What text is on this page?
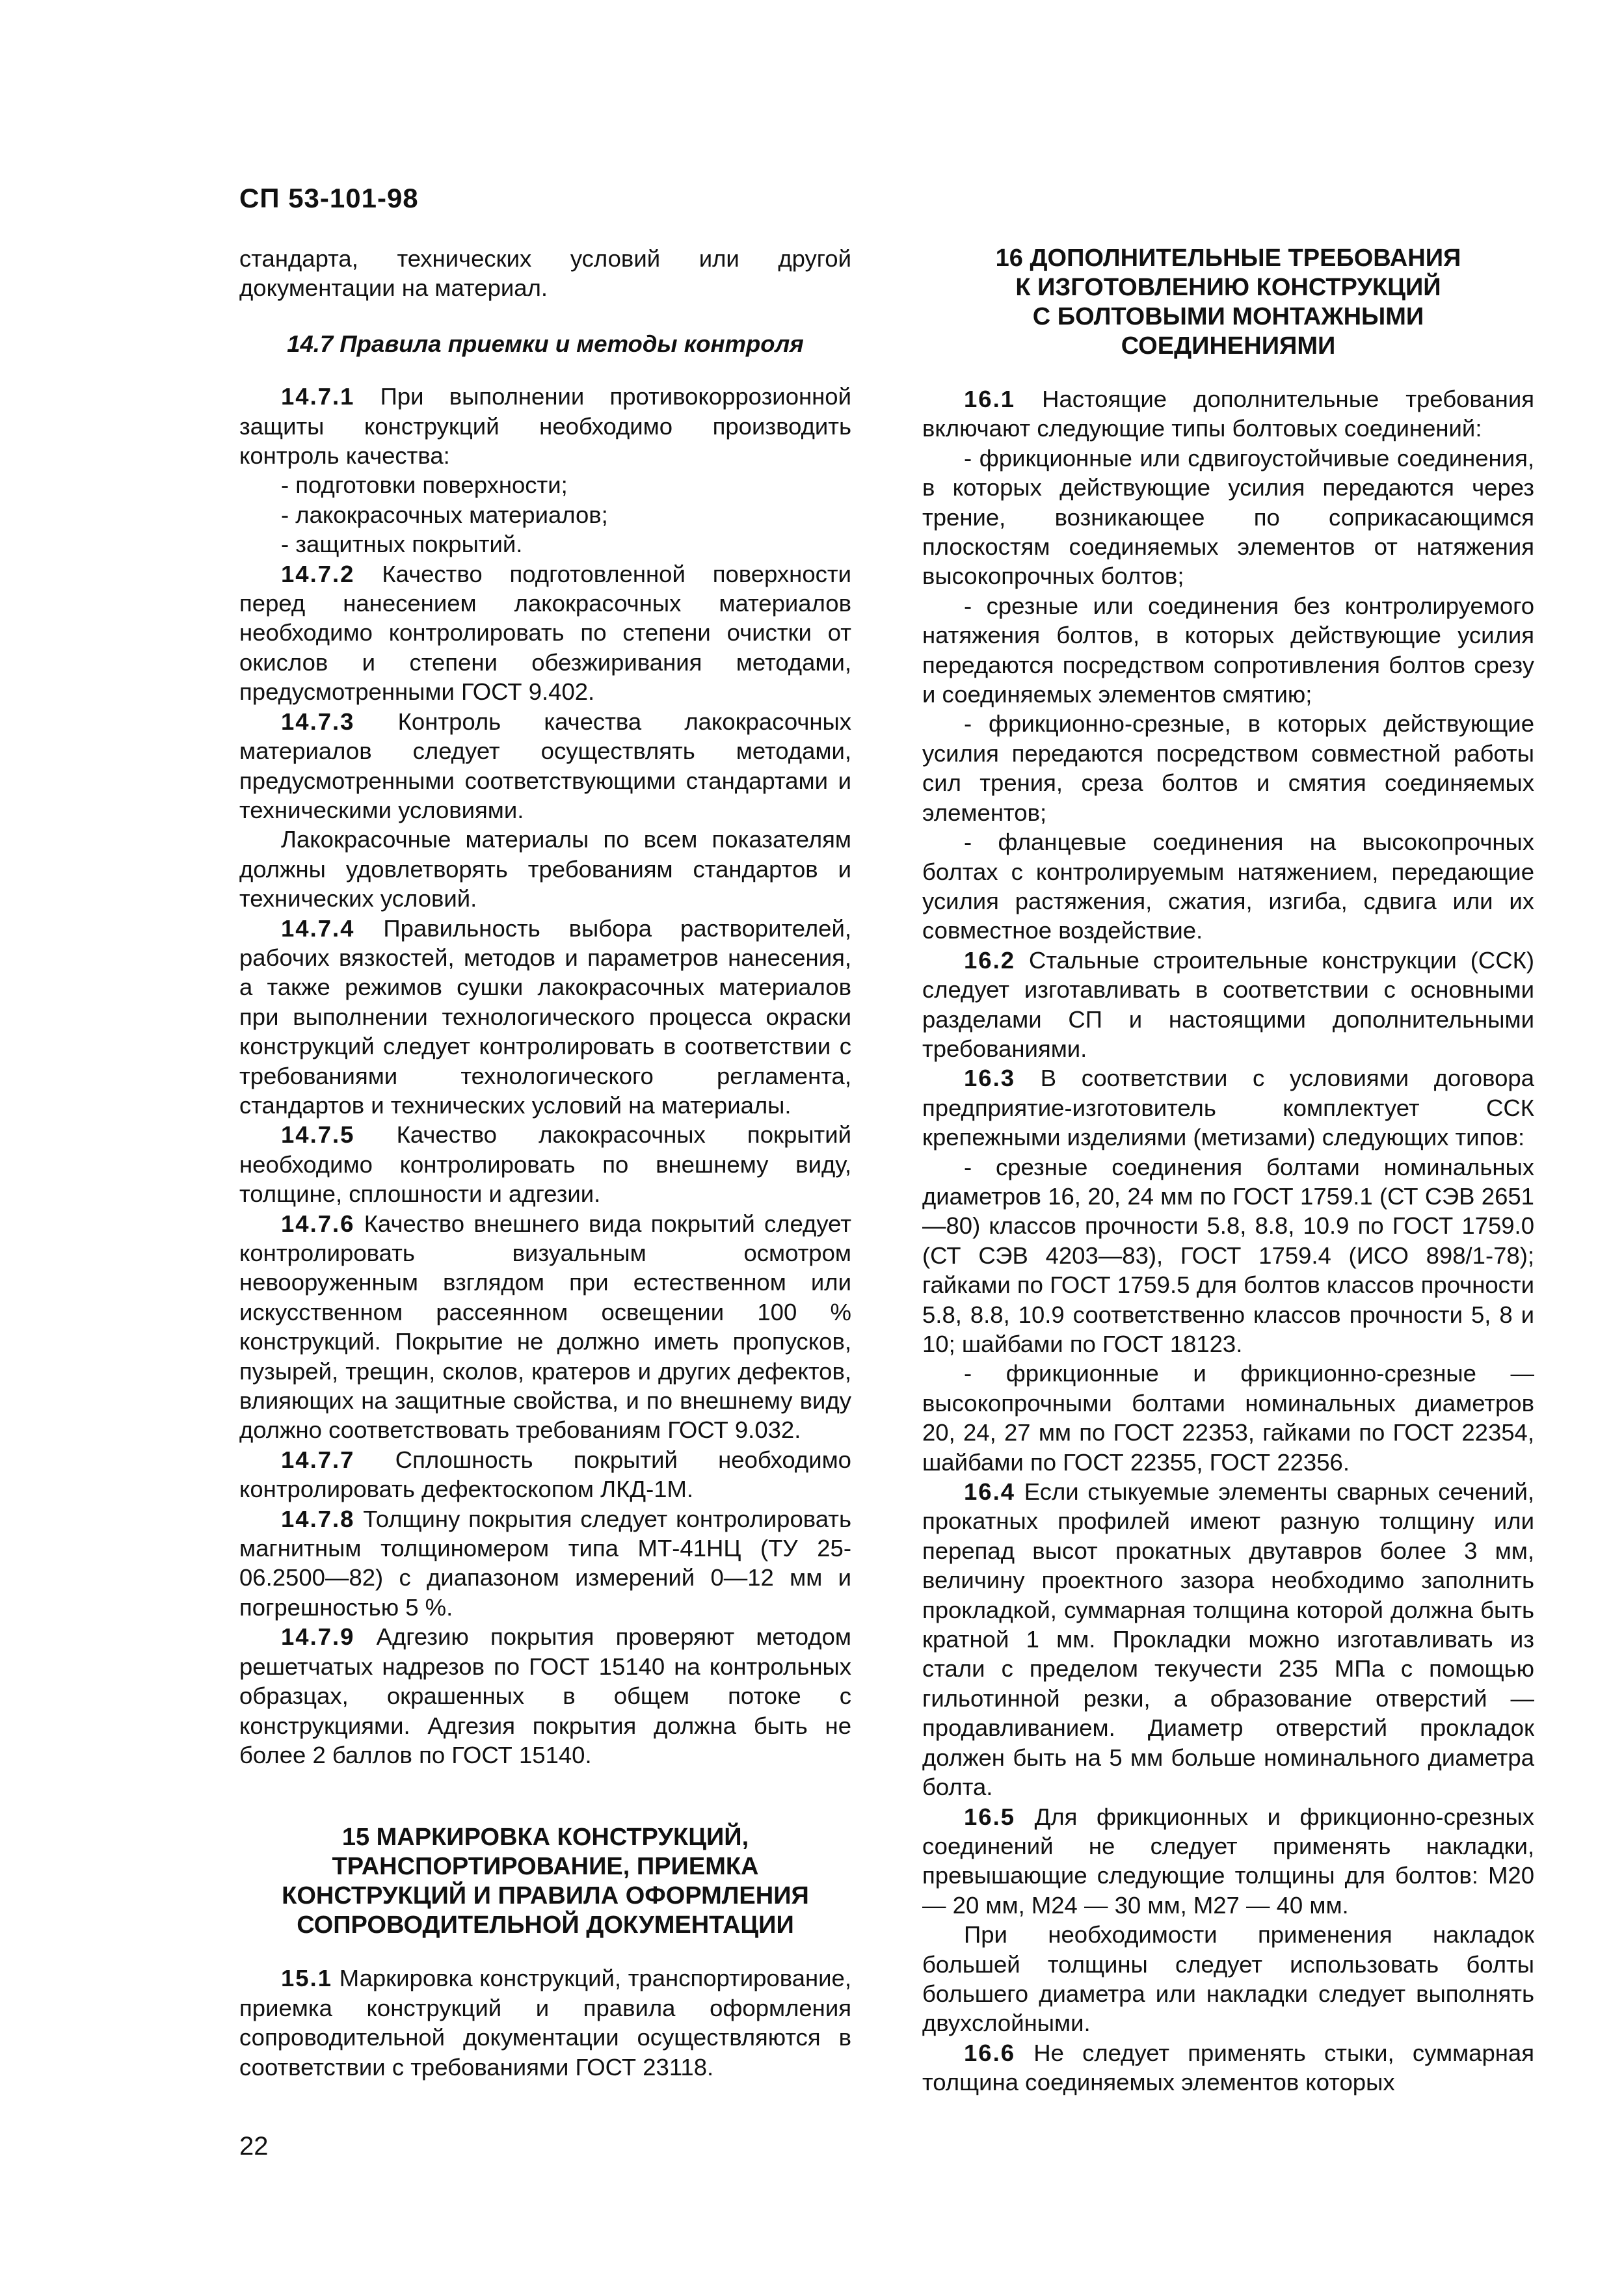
СП 53-101-98

стандарта, технических условий или другой документации на материал.

14.7 Правила приемки и методы контроля

14.7.1 При выполнении противокоррозионной защиты конструкций необходимо производить контроль качества:

- подготовки поверхности;

- лакокрасочных материалов;

- защитных покрытий.

14.7.2 Качество подготовленной поверхности перед нанесением лакокрасочных материалов необходимо контролировать по степени очистки от окислов и степени обезжиривания методами, предусмотренными ГОСТ 9.402.

14.7.3 Контроль качества лакокрасочных материалов следует осуществлять методами, предусмотренными соответствующими стандартами и техническими условиями.

Лакокрасочные материалы по всем показателям должны удовлетворять требованиям стандартов и технических условий.

14.7.4 Правильность выбора растворителей, рабочих вязкостей, методов и параметров нанесения, а также режимов сушки лакокрасочных материалов при выполнении технологического процесса окраски конструкций следует контролировать в соответствии с требованиями технологического регламента, стандартов и технических условий на материалы.

14.7.5 Качество лакокрасочных покрытий необходимо контролировать по внешнему виду, толщине, сплошности и адгезии.

14.7.6 Качество внешнего вида покрытий следует контролировать визуальным осмотром невооруженным взглядом при естественном или искусственном рассеянном освещении 100 % конструкций. Покрытие не должно иметь пропусков, пузырей, трещин, сколов, кратеров и других дефектов, влияющих на защитные свойства, и по внешнему виду должно соответствовать требованиям ГОСТ 9.032.

14.7.7 Сплошность покрытий необходимо контролировать дефектоскопом ЛКД-1М.

14.7.8 Толщину покрытия следует контролировать магнитным толщиномером типа МТ-41НЦ (ТУ 25-06.2500—82) с диапазоном измерений 0—12 мм и погрешностью 5 %.

14.7.9 Адгезию покрытия проверяют методом решетчатых надрезов по ГОСТ 15140 на контрольных образцах, окрашенных в общем потоке с конструкциями. Адгезия покрытия должна быть не более 2 баллов по ГОСТ 15140.

15 МАРКИРОВКА КОНСТРУКЦИЙ,
ТРАНСПОРТИРОВАНИЕ, ПРИЕМКА
КОНСТРУКЦИЙ И ПРАВИЛА ОФОРМЛЕНИЯ
СОПРОВОДИТЕЛЬНОЙ ДОКУМЕНТАЦИИ

15.1 Маркировка конструкций, транспортирование, приемка конструкций и правила оформления сопроводительной документации осуществляются в соответствии с требованиями ГОСТ 23118.

16 ДОПОЛНИТЕЛЬНЫЕ ТРЕБОВАНИЯ
К ИЗГОТОВЛЕНИЮ КОНСТРУКЦИЙ
С БОЛТОВЫМИ МОНТАЖНЫМИ
СОЕДИНЕНИЯМИ

16.1 Настоящие дополнительные требования включают следующие типы болтовых соединений:

- фрикционные или сдвигоустойчивые соединения, в которых действующие усилия передаются через трение, возникающее по соприкасающимся плоскостям соединяемых элементов от натяжения высокопрочных болтов;

- срезные или соединения без контролируемого натяжения болтов, в которых действующие усилия передаются посредством сопротивления болтов срезу и соединяемых элементов смятию;

- фрикционно-срезные, в которых действующие усилия передаются посредством совместной работы сил трения, среза болтов и смятия соединяемых элементов;

- фланцевые соединения на высокопрочных болтах с контролируемым натяжением, передающие усилия растяжения, сжатия, изгиба, сдвига или их совместное воздействие.

16.2 Стальные строительные конструкции (ССК) следует изготавливать в соответствии с основными разделами СП и настоящими дополнительными требованиями.

16.3 В соответствии с условиями договора предприятие-изготовитель комплектует ССК крепежными изделиями (метизами) следующих типов:

- срезные соединения болтами номинальных диаметров 16, 20, 24 мм по ГОСТ 1759.1 (СТ СЭВ 2651—80) классов прочности 5.8, 8.8, 10.9 по ГОСТ 1759.0 (СТ СЭВ 4203—83), ГОСТ 1759.4 (ИСО 898/1-78); гайками по ГОСТ 1759.5 для болтов классов прочности 5.8, 8.8, 10.9 соответственно классов прочности 5, 8 и 10; шайбами по ГОСТ 18123.

- фрикционные и фрикционно-срезные — высокопрочными болтами номинальных диаметров 20, 24, 27 мм по ГОСТ 22353, гайками по ГОСТ 22354, шайбами по ГОСТ 22355, ГОСТ 22356.

16.4 Если стыкуемые элементы сварных сечений, прокатных профилей имеют разную толщину или перепад высот прокатных двутавров более 3 мм, величину проектного зазора необходимо заполнить прокладкой, суммарная толщина которой должна быть кратной 1 мм. Прокладки можно изготавливать из стали с пределом текучести 235 МПа с помощью гильотинной резки, а образование отверстий — продавливанием. Диаметр отверстий прокладок должен быть на 5 мм больше номинального диаметра болта.

16.5 Для фрикционных и фрикционно-срезных соединений не следует применять накладки, превышающие следующие толщины для болтов: М20 — 20 мм, М24 — 30 мм, М27 — 40 мм.

При необходимости применения накладок большей толщины следует использовать болты большего диаметра или накладки следует выполнять двухслойными.

16.6 Не следует применять стыки, суммарная толщина соединяемых элементов которых

22
